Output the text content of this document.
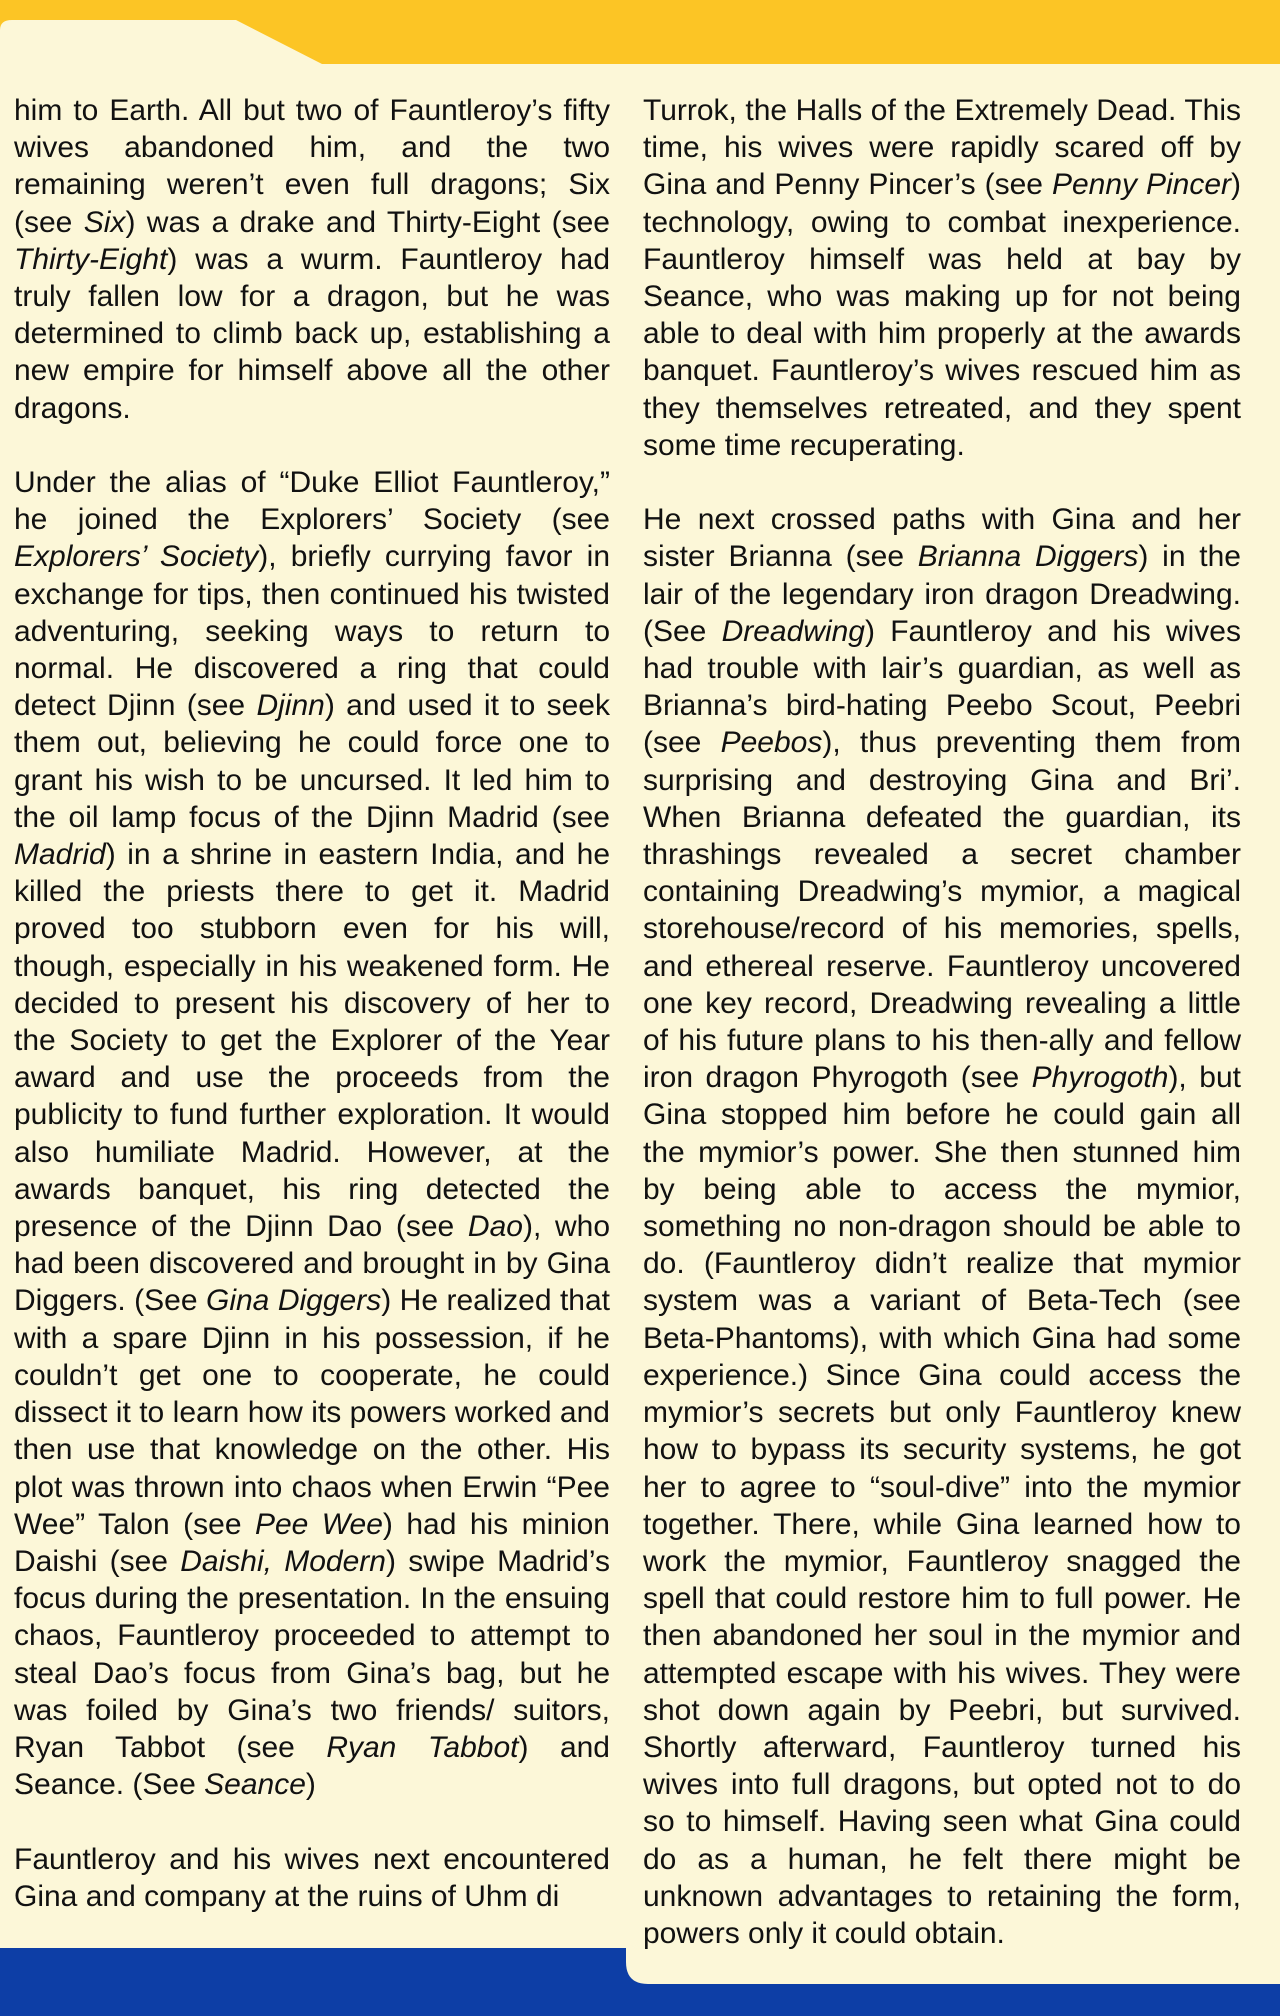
him to Earth. All but two of Fauntleroy’s fifty wives abandoned him, and the two remaining weren’t even full dragons; Six (see Six) was a drake and Thirty-Eight (see Thirty-Eight) was a wurm. Fauntleroy had truly fallen low for a dragon, but he was determined to climb back up, establishing a new empire for himself above all the other dragons.

Under the alias of “Duke Elliot Fauntleroy,” he joined the Explorers’ Society (see Explorers’ Society), briefly currying favor in exchange for tips, then continued his twisted adventuring, seeking ways to return to normal. He discovered a ring that could detect Djinn (see Djinn) and used it to seek them out, believing he could force one to grant his wish to be uncursed. It led him to the oil lamp focus of the Djinn Madrid (see Madrid) in a shrine in eastern India, and he killed the priests there to get it. Madrid proved too stubborn even for his will, though, especially in his weakened form. He decided to present his discovery of her to the Society to get the Explorer of the Year award and use the proceeds from the publicity to fund further exploration. It would also humiliate Madrid. However, at the awards banquet, his ring detected the presence of the Djinn Dao (see Dao), who had been discovered and brought in by Gina Diggers. (See Gina Diggers) He realized that with a spare Djinn in his possession, if he couldn’t get one to cooperate, he could dissect it to learn how its powers worked and then use that knowledge on the other. His plot was thrown into chaos when Erwin “Pee Wee” Talon (see Pee Wee) had his minion Daishi (see Daishi, Modern) swipe Madrid’s focus during the presentation. In the ensuing chaos, Fauntleroy proceeded to attempt to steal Dao’s focus from Gina’s bag, but he was foiled by Gina’s two friends/ suitors, Ryan Tabbot (see Ryan Tabbot) and Seance. (See Seance)

Fauntleroy and his wives next encountered Gina and company at the ruins of Uhm di

Turrok, the Halls of the Extremely Dead. This time, his wives were rapidly scared off by Gina and Penny Pincer’s (see Penny Pincer) technology, owing to combat inexperience. Fauntleroy himself was held at bay by Seance, who was making up for not being able to deal with him properly at the awards banquet. Fauntleroy’s wives rescued him as they themselves retreated, and they spent some time recuperating.

He next crossed paths with Gina and her sister Brianna (see Brianna Diggers) in the lair of the legendary iron dragon Dreadwing. (See Dreadwing) Fauntleroy and his wives had trouble with lair’s guardian, as well as Brianna’s bird-hating Peebo Scout, Peebri (see Peebos), thus preventing them from surprising and destroying Gina and Bri’. When Brianna defeated the guardian, its thrashings revealed a secret chamber containing Dreadwing’s mymior, a magical storehouse/record of his memories, spells, and ethereal reserve. Fauntleroy uncovered one key record, Dreadwing revealing a little of his future plans to his then-ally and fellow iron dragon Phyrogoth (see Phyrogoth), but Gina stopped him before he could gain all the mymior’s power. She then stunned him by being able to access the mymior, something no non-dragon should be able to do. (Fauntleroy didn’t realize that mymior system was a variant of Beta-Tech (see Beta-Phantoms), with which Gina had some experience.) Since Gina could access the mymior’s secrets but only Fauntleroy knew how to bypass its security systems, he got her to agree to “soul-dive” into the mymior together. There, while Gina learned how to work the mymior, Fauntleroy snagged the spell that could restore him to full power. He then abandoned her soul in the mymior and attempted escape with his wives. They were shot down again by Peebri, but survived. Shortly afterward, Fauntleroy turned his wives into full dragons, but opted not to do so to himself. Having seen what Gina could do as a human, he felt there might be unknown advantages to retaining the form, powers only it could obtain.
